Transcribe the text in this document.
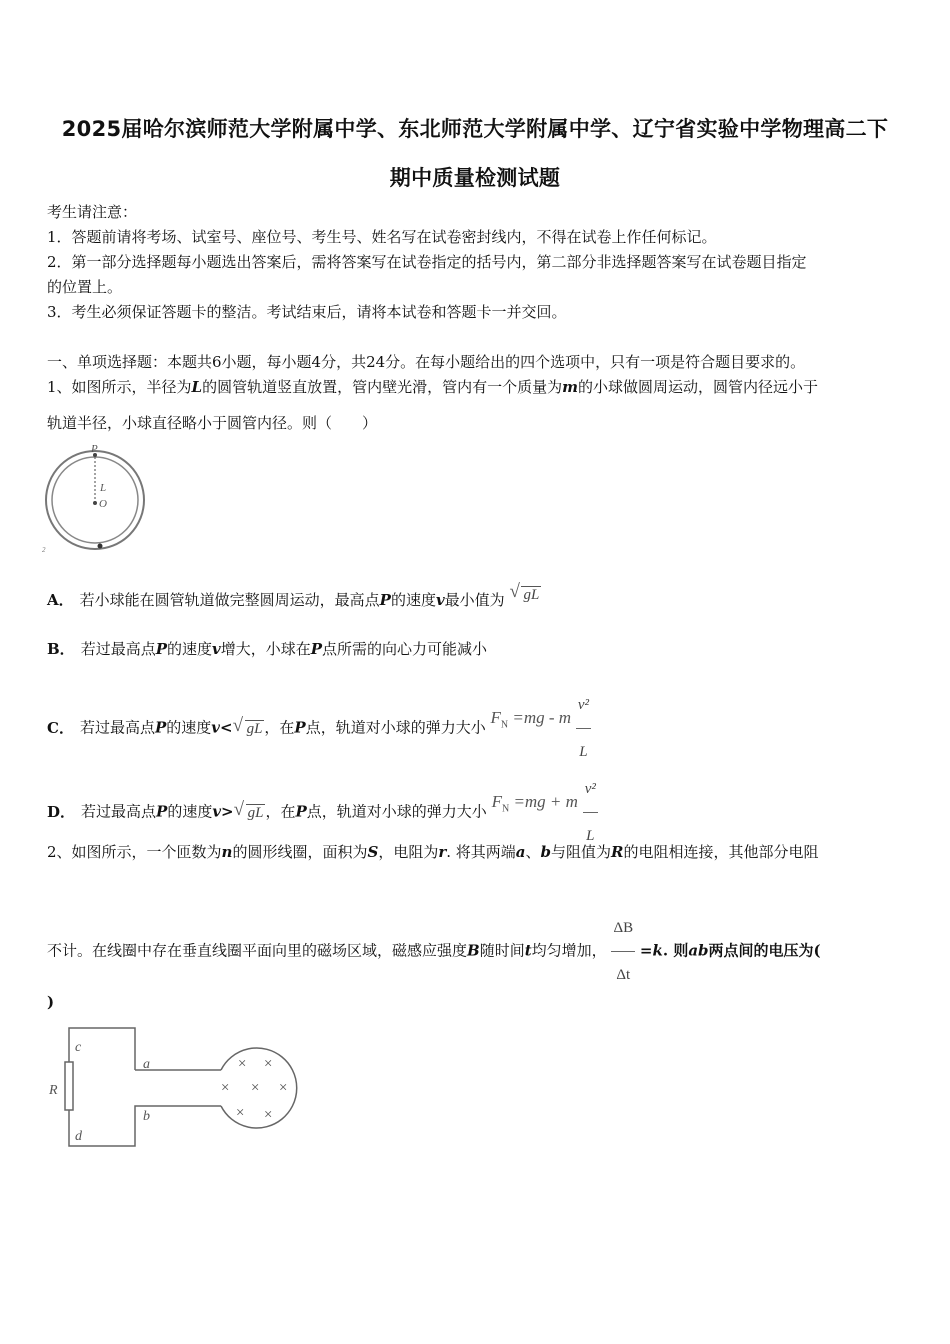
2025届哈尔滨师范大学附属中学、东北师范大学附属中学、辽宁省实验中学物理高二下
期中质量检测试题
考生请注意：
1．答题前请将考场、试室号、座位号、考生号、姓名写在试卷密封线内，不得在试卷上作任何标记。
2．第一部分选择题每小题选出答案后，需将答案写在试卷指定的括号内，第二部分非选择题答案写在试卷题目指定
的位置上。
3．考生必须保证答题卡的整洁。考试结束后，请将本试卷和答题卡一并交回。
一、单项选择题：本题共6小题，每小题4分，共24分。在每小题给出的四个选项中，只有一项是符合题目要求的。
1、如图所示，半径为L的圆管轨道竖直放置，管内壁光滑，管内有一个质量为m的小球做圆周运动，圆管内径远小于
轨道半径，小球直径略小于圆管内径。则（　　）
P
L
O
2
A． 若小球能在圆管轨道做完整圆周运动，最高点P的速度v最小值为 √ gL
B． 若过最高点P的速度v增大，小球在P点所需的向心力可能减小
C． 若过最高点P的速度v< √ gL ，在P点，轨道对小球的弹力大小 $F_N =mg - m \frac{\text{v²}}{L}$
D． 若过最高点P的速度v> √ gL ，在P点，轨道对小球的弹力大小 $F_N =mg + m \frac{\text{v²}}{L}$
2、如图所示，一个匝数为n的圆形线圈，面积为S，电阻为r. 将其两端a、b与阻值为R的电阻相连接，其他部分电阻
不计。在线圈中存在垂直线圈平面向里的磁场区域，磁感应强度B随时间t均匀增加， $\frac{\Delta B}{\Delta t} =k$. 则ab两点间的电压为(
)
c
a
R
b
d
× ×
× × ×
× ×
